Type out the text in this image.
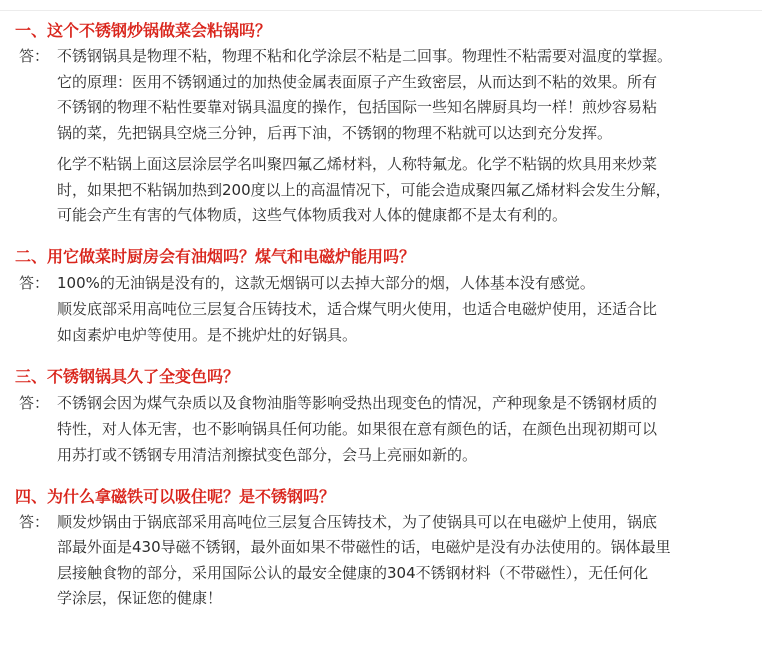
一、这个不锈钢炒锅做菜会粘锅吗？
答： 不锈钢锅具是物理不粘，物理不粘和化学涂层不粘是二回事。物理性不粘需要对温度的掌握。
它的原理：医用不锈钢通过的加热使金属表面原子产生致密层，从而达到不粘的效果。所有
不锈钢的物理不粘性要靠对锅具温度的操作，包括国际一些知名牌厨具均一样！煎炒容易粘
锅的菜，先把锅具空烧三分钟，后再下油，不锈钢的物理不粘就可以达到充分发挥。
化学不粘锅上面这层涂层学名叫聚四氟乙烯材料，人称特氟龙。化学不粘锅的炊具用来炒菜
时，如果把不粘锅加热到200度以上的高温情况下，可能会造成聚四氟乙烯材料会发生分解，
可能会产生有害的气体物质，这些气体物质我对人体的健康都不是太有利的。
二、用它做菜时厨房会有油烟吗？煤气和电磁炉能用吗？
答： 100%的无油锅是没有的，这款无烟锅可以去掉大部分的烟，人体基本没有感觉。
顺发底部采用高吨位三层复合压铸技术，适合煤气明火使用，也适合电磁炉使用，还适合比
如卤素炉电炉等使用。是不挑炉灶的好锅具。
三、不锈钢锅具久了全变色吗？
答： 不锈钢会因为煤气杂质以及食物油脂等影响受热出现变色的情况，产种现象是不锈钢材质的
特性，对人体无害，也不影响锅具任何功能。如果很在意有颜色的话，在颜色出现初期可以
用苏打或不锈钢专用清洁剂擦拭变色部分，会马上亮丽如新的。
四、为什么拿磁铁可以吸住呢？是不锈钢吗？
答： 顺发炒锅由于锅底部采用高吨位三层复合压铸技术，为了使锅具可以在电磁炉上使用，锅底
部最外面是430导磁不锈钢，最外面如果不带磁性的话，电磁炉是没有办法使用的。锅体最里
层接触食物的部分，采用国际公认的最安全健康的304不锈钢材料（不带磁性），无任何化
学涂层，保证您的健康！
